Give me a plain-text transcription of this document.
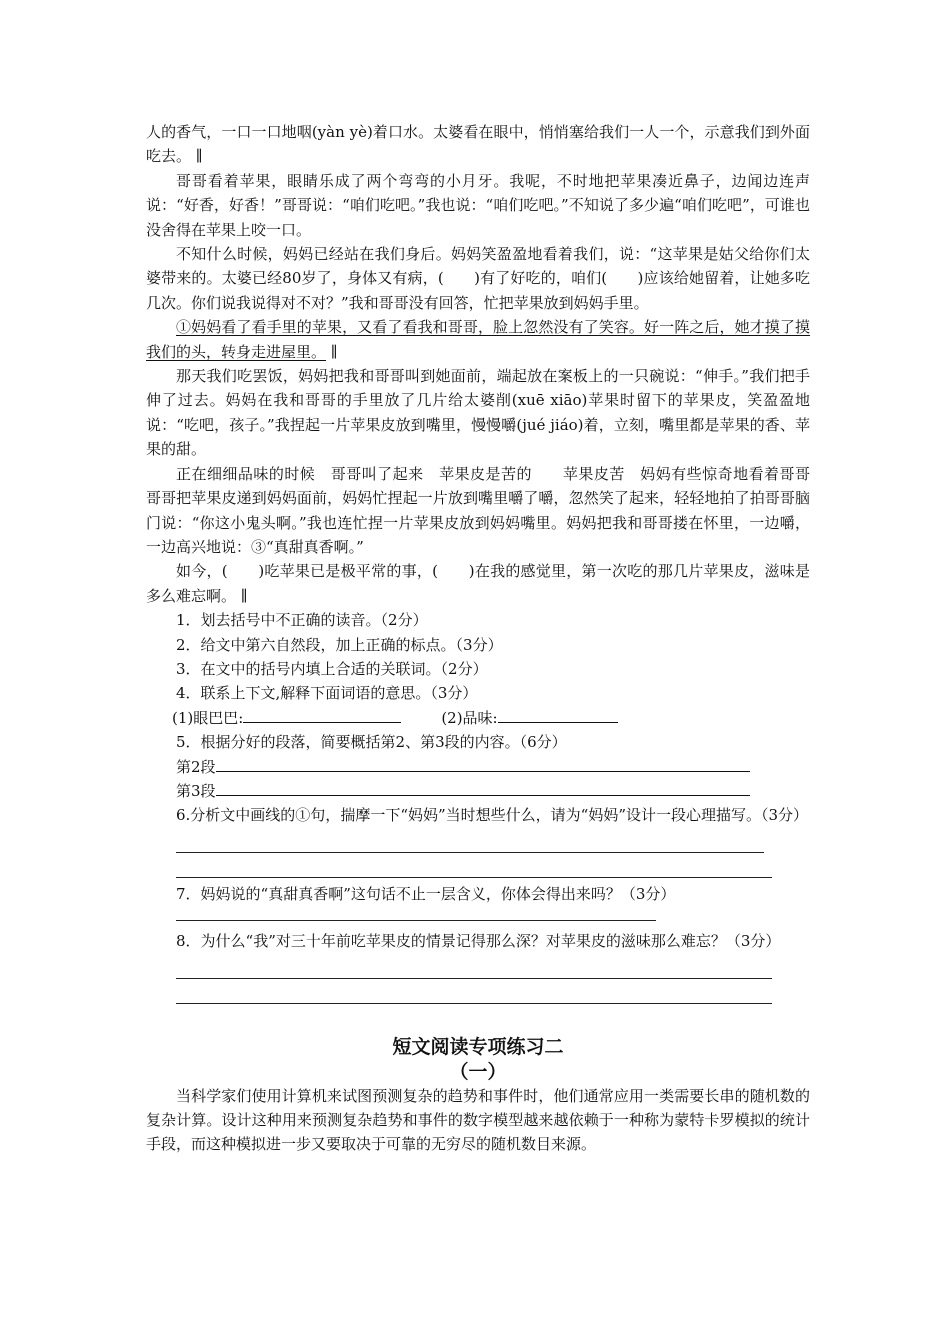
人的香气，一口一口地咽(yàn yè)着口水。太婆看在眼中，悄悄塞给我们一人一个，示意我们到外面吃去。 ∥

哥哥看着苹果，眼睛乐成了两个弯弯的小月牙。我呢，不时地把苹果凑近鼻子，边闻边连声说：“好香，好香！”哥哥说：“咱们吃吧。”我也说：“咱们吃吧。”不知说了多少遍“咱们吃吧”，可谁也没舍得在苹果上咬一口。

不知什么时候，妈妈已经站在我们身后。妈妈笑盈盈地看着我们，说：“这苹果是姑父给你们太婆带来的。太婆已经80岁了，身体又有病，(　　)有了好吃的，咱们(　　)应该给她留着，让她多吃几次。你们说我说得对不对？”我和哥哥没有回答，忙把苹果放到妈妈手里。

①妈妈看了看手里的苹果，又看了看我和哥哥，脸上忽然没有了笑容。好一阵之后，她才摸了摸我们的头，转身走进屋里。 ∥

那天我们吃罢饭，妈妈把我和哥哥叫到她面前，端起放在案板上的一只碗说：“伸手。”我们把手伸了过去。妈妈在我和哥哥的手里放了几片给太婆削(xuē xiāo)苹果时留下的苹果皮，笑盈盈地说：“吃吧，孩子。”我捏起一片苹果皮放到嘴里，慢慢嚼(jué jiáo)着，立刻，嘴里都是苹果的香、苹果的甜。

正在细细品味的时候　哥哥叫了起来　苹果皮是苦的　　苹果皮苦　妈妈有些惊奇地看着哥哥　哥哥把苹果皮递到妈妈面前，妈妈忙捏起一片放到嘴里嚼了嚼，忽然笑了起来，轻轻地拍了拍哥哥脑门说：“你这小鬼头啊。”我也连忙捏一片苹果皮放到妈妈嘴里。妈妈把我和哥哥搂在怀里，一边嚼，一边高兴地说：③“真甜真香啊。”

如今，(　　)吃苹果已是极平常的事，(　　)在我的感觉里，第一次吃的那几片苹果皮，滋味是多么难忘啊。 ∥

1．划去括号中不正确的读音。（2分）

2．给文中第六自然段，加上正确的标点。（3分）

3．在文中的括号内填上合适的关联词。（2分）

4．联系上下文,解释下面词语的意思。（3分）

(1)眼巴巴:	(2)品味:

5．根据分好的段落，简要概括第2、第3段的内容。（6分）

第2段

第3段

6.分析文中画线的①句，揣摩一下“妈妈”当时想些什么，请为“妈妈”设计一段心理描写。（3分）

7．妈妈说的“真甜真香啊”这句话不止一层含义，你体会得出来吗？（3分）

8．为什么“我”对三十年前吃苹果皮的情景记得那么深？对苹果皮的滋味那么难忘？（3分）

短文阅读专项练习二

（一）

当科学家们使用计算机来试图预测复杂的趋势和事件时，他们通常应用一类需要长串的随机数的复杂计算。设计这种用来预测复杂趋势和事件的数字模型越来越依赖于一种称为蒙特卡罗模拟的统计手段，而这种模拟进一步又要取决于可靠的无穷尽的随机数目来源。
